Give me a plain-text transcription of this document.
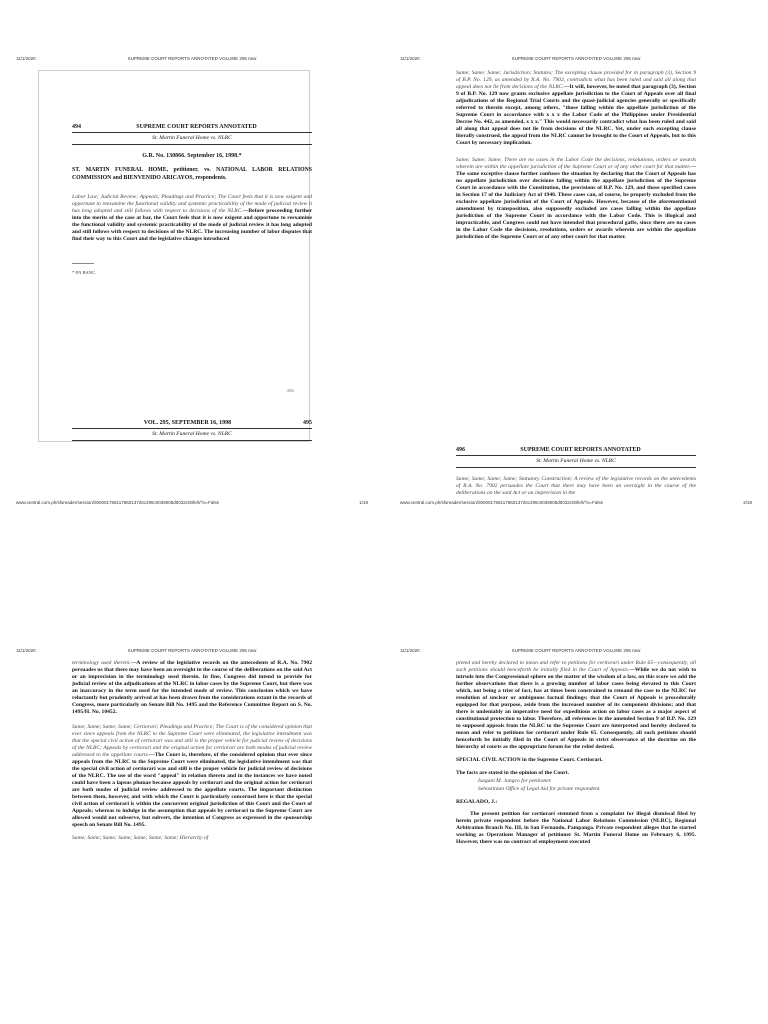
11/1/2020	SUPREME COURT REPORTS ANNOTATED VOLUME 295 new
494	SUPREME COURT REPORTS ANNOTATED
St. Martin Funeral Home vs. NLRC
G.R. No. 130866. September 16, 1998.*
ST. MARTIN FUNERAL HOME, petitioner, vs. NATIONAL LABOR RELATIONS COMMISSION and BIENVENIDO ARICAYOS, respondents.

Labor Law; Judicial Review; Appeals; Pleadings and Practice; The Court feels that it is now exigent and opportune to reexamine the functional validity and systemic practicability of the mode of judicial review it has long adopted and still follows with respect to decisions of the NLRC.—Before proceeding further into the merits of the case at bar, the Court feels that it is now exigent and opportune to reexamine the functional validity and systemic practicability of the mode of judicial review it has long adopted and still follows with respect to decisions of the NLRC. The increasing number of labor disputes that find their way to this Court and the legislative changes introduced

* EN BANC.
495
VOL. 295, SEPTEMBER 16, 1998	495
St. Martin Funeral Home vs. NLRC
www.central.com.ph/sfsreader/session/00000175811786013726c295c0039008d0032c00fe/t/?o=False	1/18
11/1/2020	SUPREME COURT REPORTS ANNOTATED VOLUME 295 new

Same; Same; Same; Jurisdiction; Statutes; The excepting clause provided for in paragraph (3), Section 9 of B.P. No. 129, as amended by R.A. No. 7902, contradicts what has been ruled and said all along that appeal does not lie from decisions of the NLRC.—It will, however, be noted that paragraph (3), Section 9 of B.P. No. 129 now grants exclusive appellate jurisdiction to the Court of Appeals over all final adjudications of the Regional Trial Courts and the quasi-judicial agencies generally or specifically referred to therein except, among others, "those falling within the appellate jurisdiction of the Supreme Court in accordance with x x x the Labor Code of the Philippines under Presidential Decree No. 442, as amended, x x x." This would necessarily contradict what has been ruled and said all along that appeal does not lie from decisions of the NLRC. Yet, under such excepting clause literally construed, the appeal from the NLRC cannot be brought to the Court of Appeals, but to this Court by necessary implication.

Same; Same; Same; There are no cases in the Labor Code the decisions, resolutions, orders or awards wherein are within the appellate jurisdiction of the Supreme Court or of any other court for that matter.—The same exceptive clause further confuses the situation by declaring that the Court of Appeals has no appellate jurisdiction over decisions falling within the appellate jurisdiction of the Supreme Court in accordance with the Constitution, the provisions of B.P. No. 129, and those specified cases in Section 17 of the Judiciary Act of 1948. These cases can, of course, be properly excluded from the exclusive appellate jurisdiction of the Court of Appeals. However, because of the aforementioned amendment by transposition, also supposedly excluded are cases falling within the appellate jurisdiction of the Supreme Court in accordance with the Labor Code. This is illogical and impracticable, and Congress could not have intended that procedural gaffe, since there are no cases in the Labor Code the decisions, resolutions, orders or awards wherein are within the appellate jurisdiction of the Supreme Court or of any other court for that matter.

496	SUPREME COURT REPORTS ANNOTATED
St. Martin Funeral Home vs. NLRC

Same; Same; Same; Same; Statutory Construction; A review of the legislative records on the antecedents of R.A. No. 7902 persuades the Court that there may have been an oversight in the course of the deliberations on the said Act or an imprecision in the

www.central.com.ph/sfsreader/session/00000175811786013726c295c0039008d0032c00fe/t/?o=False	2/18
11/1/2020	SUPREME COURT REPORTS ANNOTATED VOLUME 295 new

terminology used therein.—A review of the legislative records on the antecedents of R.A. No. 7902 persuades us that there may have been an oversight in the course of the deliberations on the said Act or an imprecision in the terminology used therein. In fine, Congress did intend to provide for judicial review of the adjudications of the NLRC in labor cases by the Supreme Court, but there was an inaccuracy in the term used for the intended mode of review. This conclusion which we have reluctantly but prudently arrived at has been drawn from the considerations extant in the records of Congress, more particularly on Senate Bill No. 1495 and the Reference Committee Report on S. No. 1495/H. No. 10452.

Same; Same; Same; Same; Certiorari; Pleadings and Practice; The Court is of the considered opinion that ever since appeals from the NLRC to the Supreme Court were eliminated, the legislative intendment was that the special civil action of certiorari was and still is the proper vehicle for judicial review of decisions of the NLRC; Appeals by certiorari and the original action for certiorari are both modes of judicial review addressed to the appellate courts.—The Court is, therefore, of the considered opinion that ever since appeals from the NLRC to the Supreme Court were eliminated, the legislative intendment was that the special civil action of certiorari was and still is the proper vehicle for judicial review of decisions of the NLRC. The use of the word "appeal" in relation thereto and in the instances we have noted could have been a lapsus plumae because appeals by certiorari and the original action for certiorari are both modes of judicial review addressed to the appellate courts. The important distinction between them, however, and with which the Court is particularly concerned here is that the special civil action of certiorari is within the concurrent original jurisdiction of this Court and the Court of Appeals; whereas to indulge in the assumption that appeals by certiorari to the Supreme Court are allowed would not subserve, but subvert, the intention of Congress as expressed in the sponsorship speech on Senate Bill No. 1495.

Same; Same; Same; Same; Same; Same; Same; Hierarchy of

11/1/2020	SUPREME COURT REPORTS ANNOTATED VOLUME 295 new

preted and hereby declared to mean and refer to petitions for certiorari under Rule 65—consequently, all such petitions should henceforth be initially filed in the Court of Appeals.—While we do not wish to intrude into the Congressional sphere on the matter of the wisdom of a law, on this score we add the further observations that there is a growing number of labor cases being elevated to this Court which, not being a trier of fact, has at times been constrained to remand the case to the NLRC for resolution of unclear or ambiguous factual findings; that the Court of Appeals is procedurally equipped for that purpose, aside from the increased number of its component divisions; and that there is undeniably an imperative need for expeditious action on labor cases as a major aspect of constitutional protection to labor. Therefore, all references in the amended Section 9 of B.P. No. 129 to supposed appeals from the NLRC to the Supreme Court are interpreted and hereby declared to mean and refer to petitions for certiorari under Rule 65. Consequently, all such petitions should henceforth be initially filed in the Court of Appeals in strict observance of the doctrine on the hierarchy of courts as the appropriate forum for the relief desired.

SPECIAL CIVIL ACTION in the Supreme Court. Certiorari.

The facts are stated in the opinion of the Court.

Isagani M. Jungco for petitioner.

Sebastinian Office of Legal Aid for private respondent.

REGALADO, J.:

The present petition for certiorari stemmed from a complaint for illegal dismissal filed by herein private respondent before the National Labor Relations Commission (NLRC), Regional Arbitration Branch No. III, in San Fernando, Pampanga. Private respondent alleges that he started working as Operations Manager of petitioner St. Martin Funeral Home on February 6, 1995. However, there was no contract of employment executed
